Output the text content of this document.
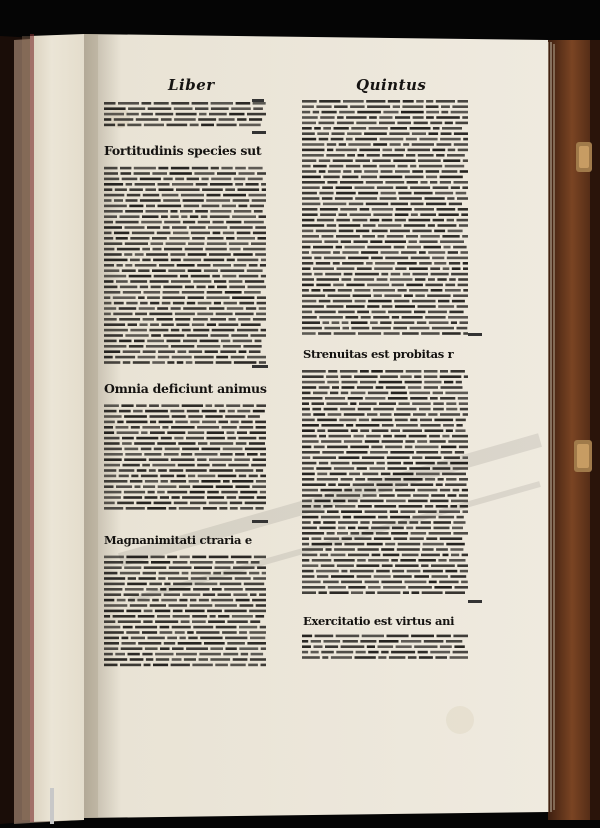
Liber	Quintus
Fortitudinis species sut
Omnia deficiunt animus
Magnanimitati ctraria e
Strenuitas est probitas r
Exercitatio est virtus ani
